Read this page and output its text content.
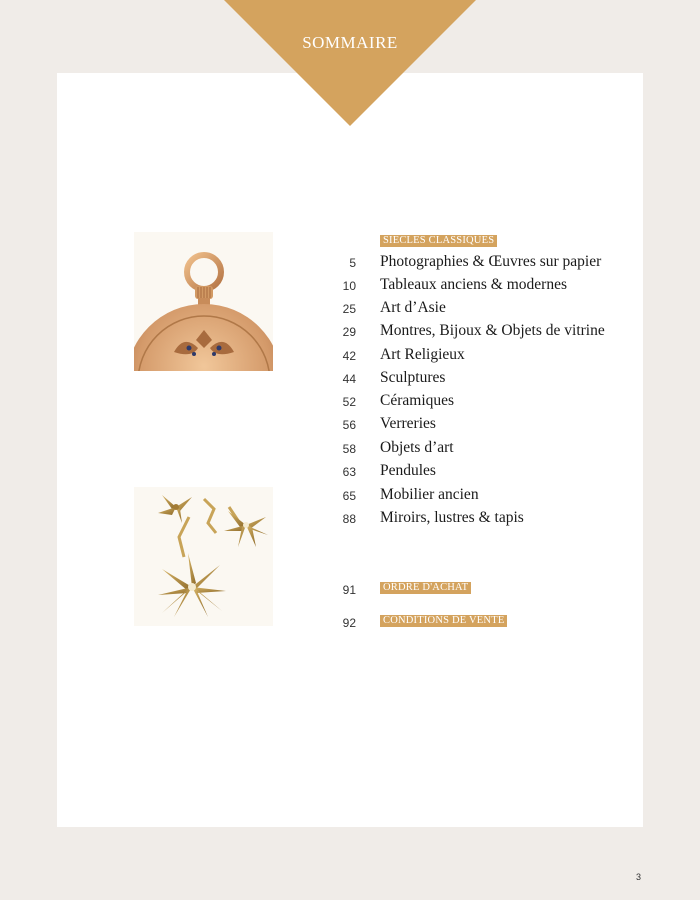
SOMMAIRE
SIECLES CLASSIQUES
5 Photographies & Œuvres sur papier
10 Tableaux anciens & modernes
25 Art d’Asie
29 Montres, Bijoux & Objets de vitrine
42 Art Religieux
44 Sculptures
52 Céramiques
56 Verreries
58 Objets d’art
63 Pendules
65 Mobilier ancien
88 Miroirs, lustres & tapis
91	ORDRE D'ACHAT
92	CONDITIONS DE VENTE
3
